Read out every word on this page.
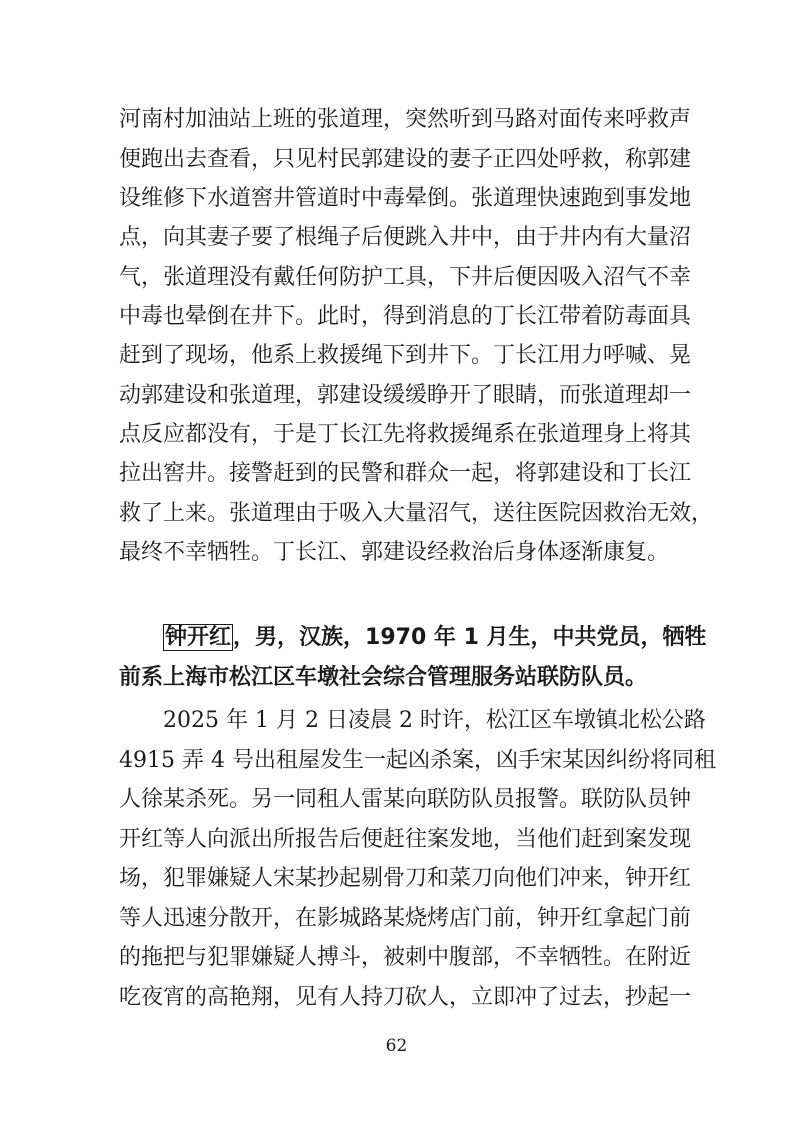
河南村加油站上班的张道理，突然听到马路对面传来呼救声
便跑出去查看，只见村民郭建设的妻子正四处呼救，称郭建
设维修下水道窖井管道时中毒晕倒。张道理快速跑到事发地
点，向其妻子要了根绳子后便跳入井中，由于井内有大量沼
气，张道理没有戴任何防护工具，下井后便因吸入沼气不幸
中毒也晕倒在井下。此时，得到消息的丁长江带着防毒面具
赶到了现场，他系上救援绳下到井下。丁长江用力呼喊、晃
动郭建设和张道理，郭建设缓缓睁开了眼睛，而张道理却一
点反应都没有，于是丁长江先将救援绳系在张道理身上将其
拉出窖井。接警赶到的民警和群众一起，将郭建设和丁长江
救了上来。张道理由于吸入大量沼气，送往医院因救治无效，
最终不幸牺牲。丁长江、郭建设经救治后身体逐渐康复。
钟开红，男，汉族，1970 年 1 月生，中共党员，牺牲
前系上海市松江区车墩社会综合管理服务站联防队员。
2025 年 1 月 2 日凌晨 2 时许，松江区车墩镇北松公路
4915 弄 4 号出租屋发生一起凶杀案，凶手宋某因纠纷将同租
人徐某杀死。另一同租人雷某向联防队员报警。联防队员钟
开红等人向派出所报告后便赶往案发地，当他们赶到案发现
场，犯罪嫌疑人宋某抄起剔骨刀和菜刀向他们冲来，钟开红
等人迅速分散开，在影城路某烧烤店门前，钟开红拿起门前
的拖把与犯罪嫌疑人搏斗，被刺中腹部，不幸牺牲。在附近
吃夜宵的高艳翔，见有人持刀砍人，立即冲了过去，抄起一
62
